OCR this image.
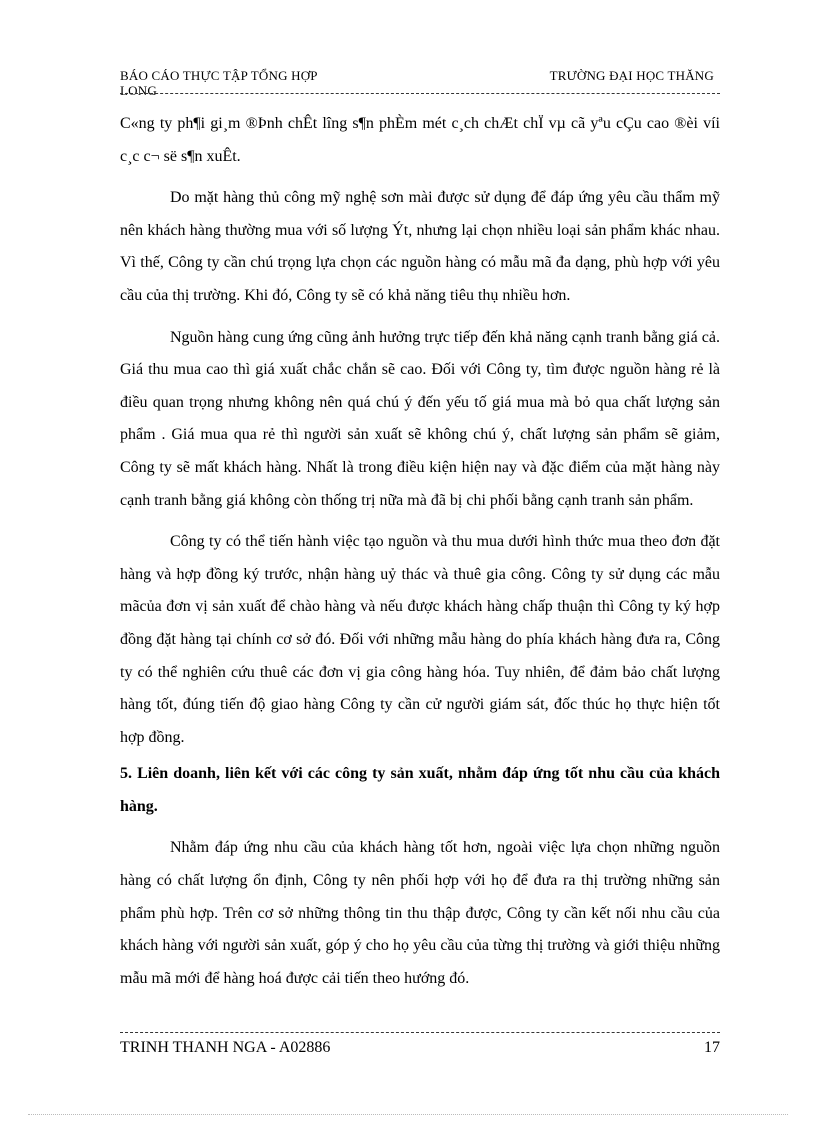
BÁO CÁO THỰC TẬP TỔNG HỢP	TRƯỜNG ĐẠI HỌC THĂNG
LONG

C«ng ty ph¶i gi¸m ®Þnh chÊt lîng s¶n phÈm mét c¸ch chÆt chÏ vµ cã yªu cÇu cao ®èi víi c¸c c¬ së s¶n xuÊt.

Do mặt hàng thủ công mỹ nghệ sơn mài được sử dụng để đáp ứng yêu cầu thẩm mỹ nên khách hàng thường mua với số lượng Ýt, nhưng lại chọn nhiều loại sản phẩm khác nhau. Vì thế, Công ty cần chú trọng lựa chọn các nguồn hàng có mẫu mã đa dạng, phù hợp với yêu cầu của thị trường. Khi đó, Công ty sẽ có khả năng tiêu thụ nhiều hơn.

Nguồn hàng cung ứng cũng ảnh hưởng trực tiếp đến khả năng cạnh tranh bằng giá cả. Giá thu mua cao thì giá xuất chắc chắn sẽ cao. Đối với Công ty, tìm được nguồn hàng rẻ là điều quan trọng nhưng không nên quá chú ý đến yếu tố giá mua mà bỏ qua chất lượng sản phẩm . Giá mua qua rẻ thì người sản xuất sẽ không chú ý, chất lượng sản phẩm sẽ giảm, Công ty sẽ mất khách hàng. Nhất là trong điều kiện hiện nay và đặc điểm của mặt hàng này cạnh tranh bằng giá không còn thống trị nữa mà đã bị chi phối bằng cạnh tranh sản phẩm.

Công ty có thể tiến hành việc tạo nguồn và thu mua dưới hình thức mua theo đơn đặt hàng và hợp đồng ký trước, nhận hàng uỷ thác và thuê gia công. Công ty sử dụng các mẫu mãcủa đơn vị sản xuất để chào hàng và nếu được khách hàng chấp thuận thì Công ty ký hợp đồng đặt hàng tại chính cơ sở đó. Đối với những mẫu hàng do phía khách hàng đưa ra, Công ty có thể nghiên cứu thuê các đơn vị gia công hàng hóa. Tuy nhiên, để đảm bảo chất lượng hàng tốt, đúng tiến độ giao hàng Công ty cần cử người giám sát, đốc thúc họ thực hiện tốt hợp đồng.

5. Liên doanh, liên kết với các công ty sản xuất, nhằm đáp ứng tốt nhu cầu của khách hàng.

Nhằm đáp ứng nhu cầu của khách hàng tốt hơn, ngoài việc lựa chọn những nguồn hàng có chất lượng ổn định, Công ty nên phối hợp với họ để đưa ra thị trường những sản phẩm phù hợp. Trên cơ sở những thông tin thu thập được, Công ty cần kết nối nhu cầu của khách hàng với người sản xuất, góp ý cho họ yêu cầu của từng thị trường và giới thiệu những mẫu mã mới để hàng hoá được cải tiến theo hướng đó.

TRINH THANH NGA - A02886	17
